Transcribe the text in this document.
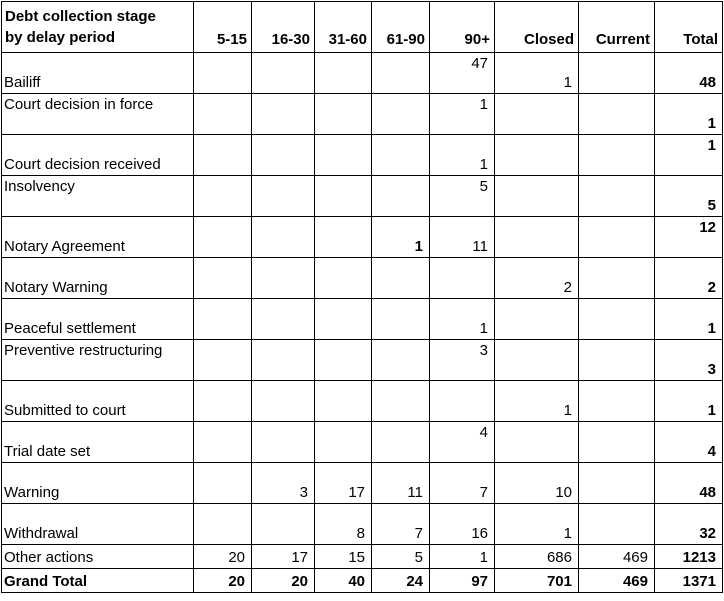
Debt collection stage
by delay period	5-15	16-30	31-60	61-90	90+	Closed	Current	Total
Bailiff					47	1		48
Court decision in force					1			1
Court decision received					1			1
Insolvency					5			5
Notary Agreement				1	11			12
Notary Warning						2		2
Peaceful settlement					1			1
Preventive restructuring					3			3
Submitted to court						1		1
Trial date set					4			4
Warning		3	17	11	7	10		48
Withdrawal			8	7	16	1		32
Other actions	20	17	15	5	1	686	469	1213
Grand Total	20	20	40	24	97	701	469	1371
